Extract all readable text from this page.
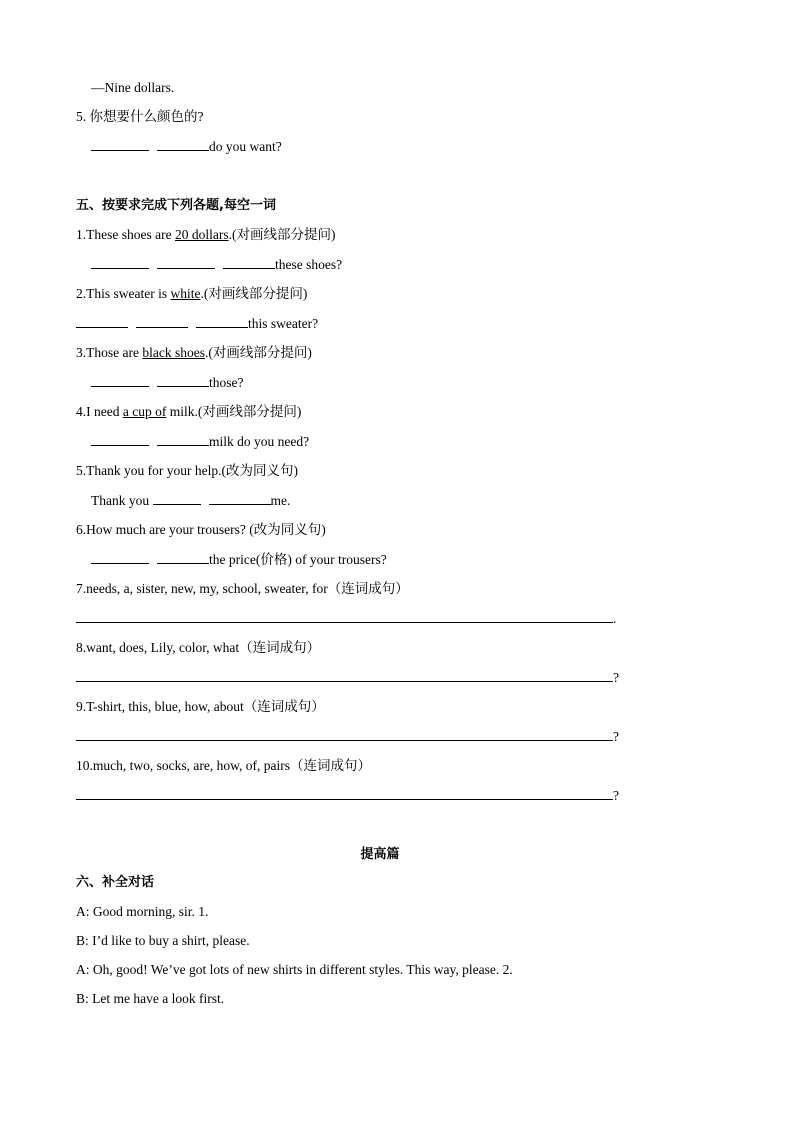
—Nine dollars.
5. 你想要什么颜色的?
do you want?
五、按要求完成下列各题,每空一词
1.These shoes are 20 dollars.(对画线部分提问)
these shoes?
2.This sweater is white.(对画线部分提问)
this sweater?
3.Those are black shoes.(对画线部分提问)
those?
4.I need a cup of milk.(对画线部分提问)
milk do you need?
5.Thank you for your help.(改为同义句)
Thank you	me.
6.How much are your trousers? (改为同义句)
the price(价格) of your trousers?
7.needs, a, sister, new, my, school, sweater, for（连词成句）
.
8.want, does, Lily, color, what（连词成句）
?
9.T-shirt, this, blue, how, about（连词成句）
?
10.much, two, socks, are, how, of, pairs（连词成句）
?
提高篇
六、补全对话
A: Good morning, sir. 1.
B: I’d like to buy a shirt, please.
A: Oh, good! We’ve got lots of new shirts in different styles. This way, please. 2.
B: Let me have a look first.
